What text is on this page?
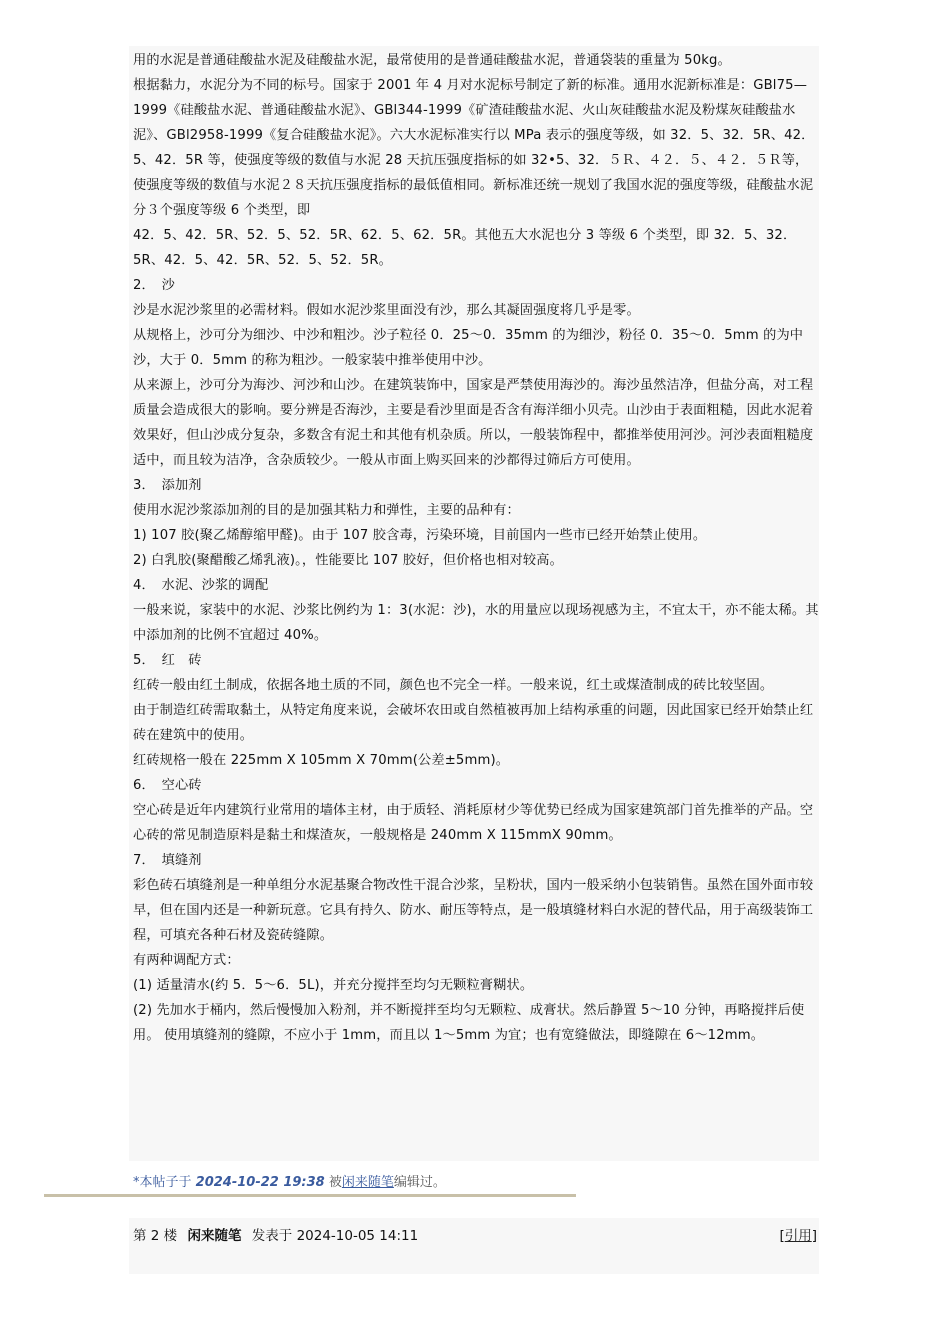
用的水泥是普通硅酸盐水泥及硅酸盐水泥，最常使用的是普通硅酸盐水泥，普通袋装的重量为 50kg。

根据黏力，水泥分为不同的标号。国家于 2001 年 4 月对水泥标号制定了新的标准。通用水泥新标准是：GBl75—1999《硅酸盐水泥、普通硅酸盐水泥》、GBl344-1999《矿渣硅酸盐水泥、火山灰硅酸盐水泥及粉煤灰硅酸盐水泥》、GBl2958-1999《复合硅酸盐水泥》。六大水泥标准实行以 MPa 表示的强度等级，如 32．5、32．5R、42．5、42．5R 等，使强度等级的数值与水泥 28 天抗压强度指标的如 32•5、32．５Ｒ、４２．５、４２．５Ｒ等，使强度等级的数值与水泥２８天抗压强度指标的最低值相同。新标准还统一规划了我国水泥的强度等级，硅酸盐水泥分３个强度等级 6 个类型，即

42．5、42．5R、52．5、52．5R、62．5、62．5R。其他五大水泥也分 3 等级 6 个类型，即 32．5、32．5R、42．5、42．5R、52．5、52．5R。

2．　沙

沙是水泥沙浆里的必需材料。假如水泥沙浆里面没有沙，那么其凝固强度将几乎是零。

从规格上，沙可分为细沙、中沙和粗沙。沙子粒径 0．25～0．35mm 的为细沙，粉径 0．35～0．5mm 的为中沙，大于 0．5mm 的称为粗沙。一般家装中推举使用中沙。

从来源上，沙可分为海沙、河沙和山沙。在建筑装饰中，国家是严禁使用海沙的。海沙虽然洁净，但盐分高，对工程质量会造成很大的影响。要分辨是否海沙，主要是看沙里面是否含有海洋细小贝壳。山沙由于表面粗糙，因此水泥着效果好，但山沙成分复杂，多数含有泥土和其他有机杂质。所以，一般装饰程中，都推举使用河沙。河沙表面粗糙度适中，而且较为洁净，含杂质较少。一般从市面上购买回来的沙都得过筛后方可使用。

3．　添加剂

使用水泥沙浆添加剂的目的是加强其粘力和弹性，主要的品种有：

1) 107 胶(聚乙烯醇缩甲醛)。由于 107 胶含毒，污染环境，目前国内一些市已经开始禁止使用。

2) 白乳胶(聚醋酸乙烯乳液)。，性能要比 107 胶好，但价格也相对较高。

4．　水泥、沙浆的调配

一般来说，家装中的水泥、沙浆比例约为 1：3(水泥：沙)，水的用量应以现场视感为主，不宜太干，亦不能太稀。其中添加剂的比例不宜超过 40%。

5．　红　砖

红砖一般由红土制成，依据各地土质的不同，颜色也不完全一样。一般来说，红土或煤渣制成的砖比较坚固。

由于制造红砖需取黏土，从特定角度来说，会破坏农田或自然植被再加上结构承重的问题，因此国家已经开始禁止红砖在建筑中的使用。

红砖规格一般在 225mm X 105mm X 70mm(公差±5mm)。

6．　空心砖

空心砖是近年内建筑行业常用的墙体主材，由于质轻、消耗原材少等优势已经成为国家建筑部门首先推举的产品。空心砖的常见制造原料是黏土和煤渣灰，一般规格是 240mm X 115mmX 90mm。

7．　填缝剂

彩色砖石填缝剂是一种单组分水泥基聚合物改性干混合沙浆，呈粉状，国内一般采纳小包装销售。虽然在国外面市较早，但在国内还是一种新玩意。它具有持久、防水、耐压等特点，是一般填缝材料白水泥的替代品，用于高级装饰工程，可填充各种石材及瓷砖缝隙。

有两种调配方式：

(1) 适量清水(约 5．5～6．5L)，并充分搅拌至均匀无颗粒膏糊状。

(2) 先加水于桶内，然后慢慢加入粉剂，并不断搅拌至均匀无颗粒、成膏状。然后静置 5～10 分钟，再略搅拌后使用。 使用填缝剂的缝隙，不应小于 1mm，而且以 1～5mm 为宜；也有宽缝做法，即缝隙在 6～12mm。

*本帖子于 2024-10-22 19:38 被闲来随笔编辑过。
第 2 楼 闲来随笔 发表于 2024-10-05 14:11	[引用]
